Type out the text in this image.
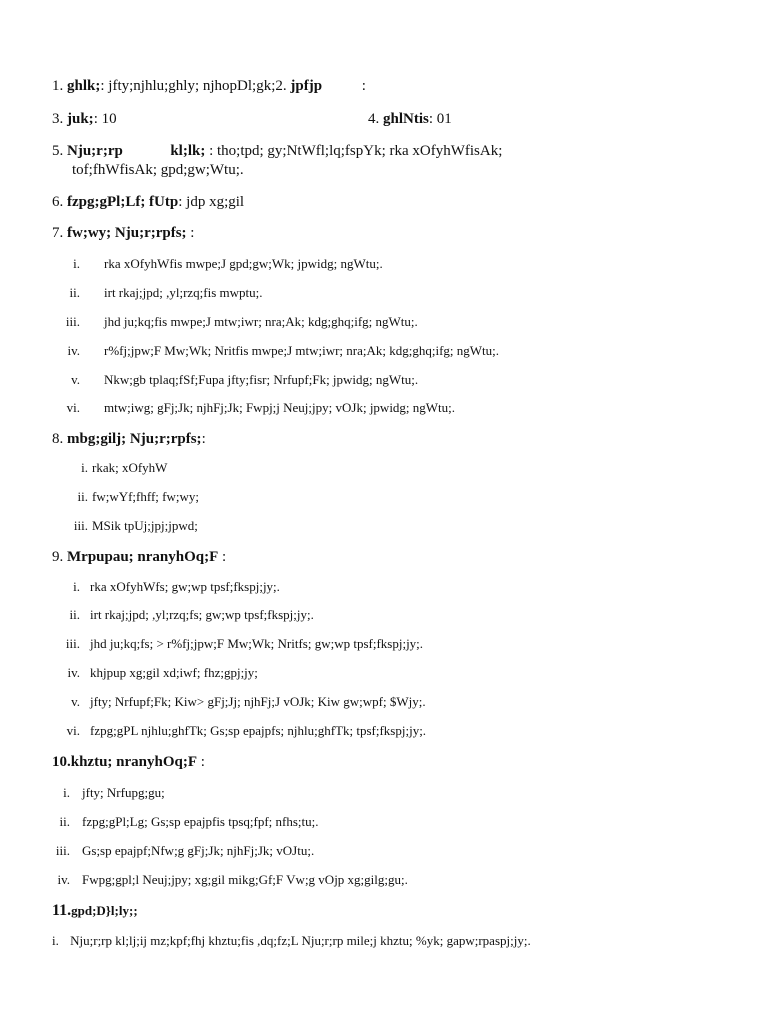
1. ghlk;: jfty;njhlu;ghly; njhopDl;gk;2. jpfjp	:
3. juk;: 10	4. ghlNtis: 01
5. Nju;r;rp	kl;lk; : tho;tpd; gy;NtWfl;lq;fspYk; rka xOfyhWfisAk;
tof;fhWfisAk; gpd;gw;Wtu;.
6. fzpg;gPl;Lf; fUtp: jdp xg;gil
7. fw;wy; Nju;r;rpfs; :
i. rka xOfyhWfis mwpe;J gpd;gw;Wk; jpwidg; ngWtu;.
ii. irt rkaj;jpd; ,yl;rzq;fis mwptu;.
iii. jhd ju;kq;fis mwpe;J mtw;iwr; nra;Ak; kdg;ghq;ifg; ngWtu;.
iv. r%fj;jpw;F Mw;Wk; Nritfis mwpe;J mtw;iwr; nra;Ak; kdg;ghq;ifg; ngWtu;.
v. Nkw;gb tplaq;fSf;Fupa jfty;fisr; Nrfupf;Fk; jpwidg; ngWtu;.
vi. mtw;iwg; gFj;Jk; njhFj;Jk; Fwpj;j Neuj;jpy; vOJk; jpwidg; ngWtu;.
8. mbg;gilj; Nju;r;rpfs;:
i. rkak; xOfyhW
ii. fw;wYf;fhff; fw;wy;
iii. MSik tpUj;jpj;jpwd;
9. Mrpupau; nranyhOq;F :
i. rka xOfyhWfs; gw;wp tpsf;fkspj;jy;.
ii. irt rkaj;jpd; ,yl;rzq;fs; gw;wp tpsf;fkspj;jy;.
iii. jhd ju;kq;fs; > r%fj;jpw;F Mw;Wk; Nritfs; gw;wp tpsf;fkspj;jy;.
iv. khjpup xg;gil xd;iwf; fhz;gpj;jy;
v. jfty; Nrfupf;Fk; Kiw> gFj;Jj; njhFj;J vOJk; Kiw gw;wpf; $Wjy;.
vi. fzpg;gPL njhlu;ghfTk; Gs;sp epajpfs; njhlu;ghfTk; tpsf;fkspj;jy;.
10.khztu; nranyhOq;F :
i. jfty; Nrfupg;gu;
ii. fzpg;gPl;Lg; Gs;sp epajpfis tpsq;fpf; nfhs;tu;.
iii. Gs;sp epajpf;Nfw;g gFj;Jk; njhFj;Jk; vOJtu;.
iv. Fwpg;gpl;l Neuj;jpy; xg;gil mikg;Gf;F Vw;g vOjp xg;gilg;gu;.
11.gpd;D}l;ly;;
i. Nju;r;rp kl;lj;ij mz;kpf;fhj khztu;fis ,dq;fz;L Nju;r;rp mile;j khztu; %yk; gapw;rpaspj;jy;.
